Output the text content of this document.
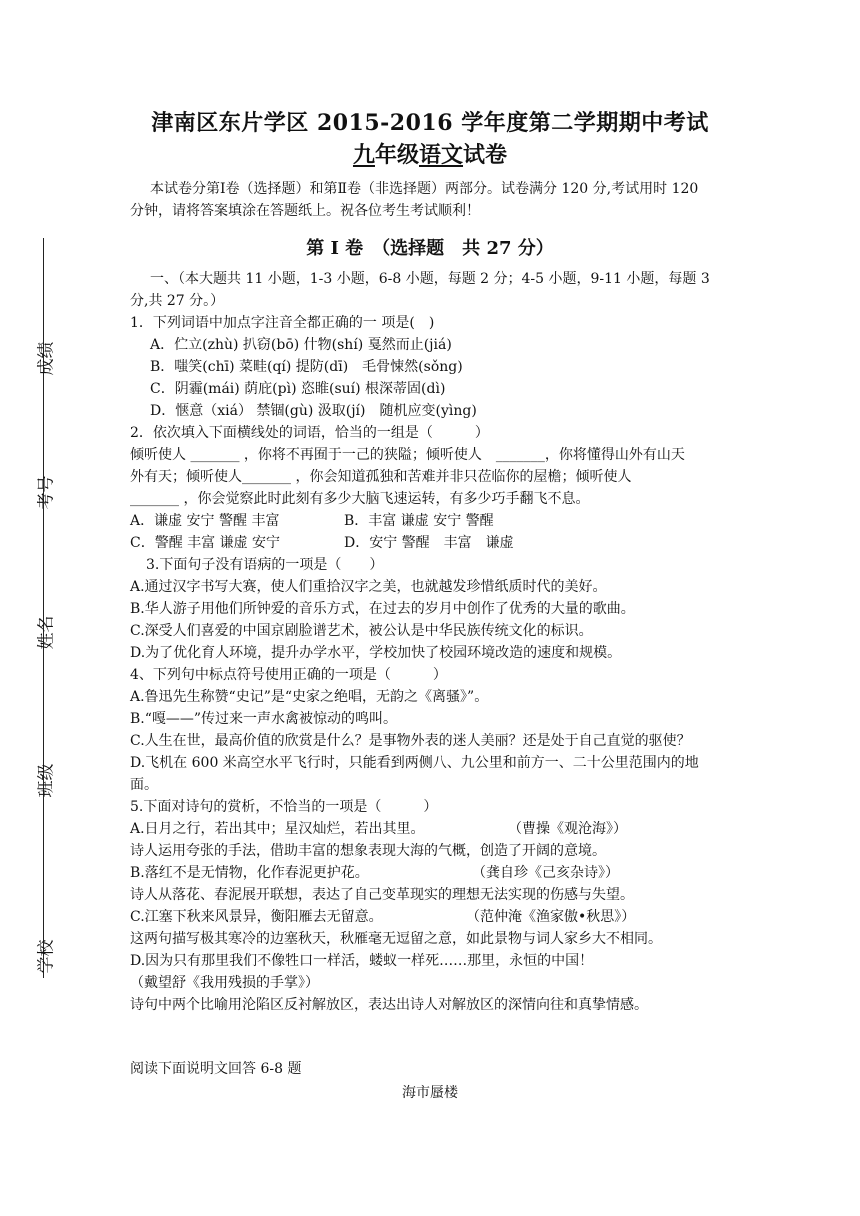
成绩
考号
姓名
班级
学校
津南区东片学区 2015-2016 学年度第二学期期中考试
九年级语文试卷
本试卷分第Ⅰ卷（选择题）和第Ⅱ卷（非选择题）两部分。试卷满分 120 分,考试用时 120
分钟，请将答案填涂在答题纸上。祝各位考生考试顺利！
第 I 卷　（选择题　共 27 分）
一、（本大题共 11 小题，1-3 小题，6-8 小题，每题 2 分；4-5 小题，9-11 小题，每题 3
分,共 27 分。）
1．下列词语中加点字注音全都正确的一 项是(　)
A．伫立(zhù) 扒窃(bō) 什物(shí) 戛然而止(jiá)
B．嗤笑(chī) 菜畦(qí) 提防(dī)　毛骨悚然(sǒng)
C．阴霾(mái) 荫庇(pì) 恣睢(suí) 根深蒂固(dì)
D．惬意（xiá） 禁锢(gù) 汲取(jí)　随机应变(yìng)
2．依次填入下面横线处的词语，恰当的一组是（　　　）
倾听使人 _______ ，你将不再囿于一己的狭隘；倾听使人　_______，你将懂得山外有山天
外有天；倾听使人_______ ，你会知道孤独和苦难并非只莅临你的屋檐；倾听使人
_______ ，你会觉察此时此刻有多少大脑飞速运转，有多少巧手翻飞不息。
A．谦虚 安宁 警醒 丰富	B．丰富 谦虚 安宁 警醒
C．警醒 丰富 谦虚 安宁	D．安宁 警醒　丰富　谦虚
3.下面句子没有语病的一项是（　　）
A.通过汉字书写大赛，使人们重拾汉字之美，也就越发珍惜纸质时代的美好。
B.华人游子用他们所钟爱的音乐方式，在过去的岁月中创作了优秀的大量的歌曲。
C.深受人们喜爱的中国京剧脸谱艺术，被公认是中华民族传统文化的标识。
D.为了优化育人环境，提升办学水平，学校加快了校园环境改造的速度和规模。
4、下列句中标点符号使用正确的一项是（　　　）
A.鲁迅先生称赞“史记”是“史家之绝唱，无韵之《离骚》”。
B.“嘎——”传过来一声水禽被惊动的鸣叫。
C.人生在世，最高价值的欣赏是什么？是事物外表的迷人美丽？还是处于自己直觉的驱使？
D.飞机在 600 米高空水平飞行时，只能看到两侧八、九公里和前方一、二十公里范围内的地
面。
5.下面对诗句的赏析，不恰当的一项是（　　　）
A.日月之行，若出其中；星汉灿烂，若出其里。	（曹操《观沧海》）
诗人运用夸张的手法，借助丰富的想象表现大海的气概，创造了开阔的意境。
B.落红不是无情物，化作春泥更护花。	（龚自珍《己亥杂诗》）
诗人从落花、春泥展开联想，表达了自己变革现实的理想无法实现的伤感与失望。
C.江塞下秋来风景异，衡阳雁去无留意。	（范仲淹《渔家傲•秋思》）
这两句描写极其寒冷的边塞秋天，秋雁毫无逗留之意，如此景物与词人家乡大不相同。
D.因为只有那里我们不像牲口一样活，蝼蚁一样死……那里，永恒的中国！
（戴望舒《我用残损的手掌》）
诗句中两个比喻用沦陷区反衬解放区，表达出诗人对解放区的深情向往和真挚情感。
阅读下面说明文回答 6-8 题
海市蜃楼
